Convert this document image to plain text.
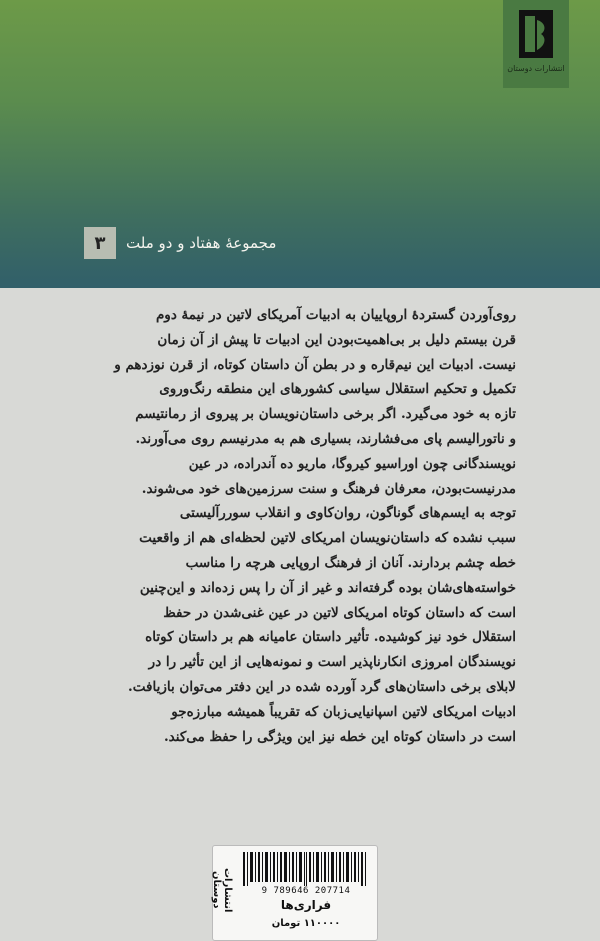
انتشارات دوستان
۳	مجموعهٔ هفتاد و دو ملت
روی‌آوردن گستردهٔ اروپاییان به ادبیات آمریکای لاتین در نیمهٔ دوم
قرن بیستم دلیل بر بی‌اهمیت‌بودن این ادبیات تا پیش از آن زمان
نیست. ادبیات این نیم‌قاره و در بطن آن داستان کوتاه، از قرن نوزدهم و
تکمیل و تحکیم استقلال سیاسی کشورهای این منطقه رنگ‌وروی
تازه به خود می‌گیرد. اگر برخی داستان‌نویسان بر پیروی از رمانتیسم
و ناتورالیسم پای می‌فشارند، بسیاری هم به مدرنیسم روی می‌آورند.
نویسندگانی چون اوراسیو کیروگا، ماریو ده آندراده، در عین
مدرنیست‌بودن، معرفان فرهنگ و سنت سرزمین‌های خود می‌شوند.
توجه به ایسم‌های گوناگون، روان‌کاوی و انقلاب سوررآلیستی
سبب نشده که داستان‌نویسان امریکای لاتین لحظه‌ای هم از واقعیت
خطه چشم بردارند. آنان از فرهنگ اروپایی هرچه را مناسب
خواسته‌های‌شان بوده گرفته‌اند و غیر از آن را پس زده‌اند و این‌چنین
است که داستان کوتاه امریکای لاتین در عین غنی‌شدن در حفظ
استقلال خود نیز کوشیده. تأثیر داستان عامیانه هم بر داستان کوتاه
نویسندگان امروزی انکارناپذیر است و نمونه‌هایی از این تأثیر را در
لابلای برخی داستان‌های گرد آورده شده در این دفتر می‌توان بازیافت.
ادبیات امریکای لاتین اسپانیایی‌زبان که تقریباً همیشه مبارزه‌جو
است در داستان کوتاه این خطه نیز این ویژگی را حفظ می‌کند.
انتشارات دوستان	9 789646 207714
فراری‌ها
۱۱۰۰۰۰ تومان
